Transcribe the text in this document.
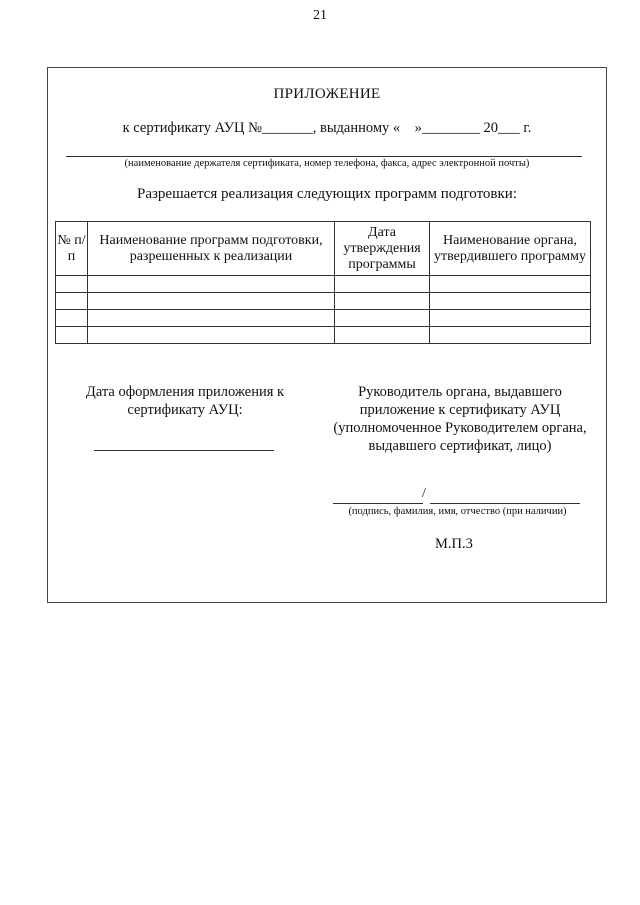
21
ПРИЛОЖЕНИЕ
к сертификату АУЦ №_______, выданному «    »________ 20___ г.
(наименование держателя сертификата, номер телефона, факса, адрес электронной почты)
Разрешается реализация следующих программ подготовки:
№ п/п	Наименование программ подготовки, разрешенных к реализации	Дата утверждения программы	Наименование органа, утвердившего программу

Дата оформления приложения к сертификату АУЦ:
Руководитель органа, выдавшего приложение к сертификату АУЦ (уполномоченное Руководителем органа, выдавшего сертификат, лицо)
/
(подпись, фамилия, имя, отчество (при наличии)
М.П.3
